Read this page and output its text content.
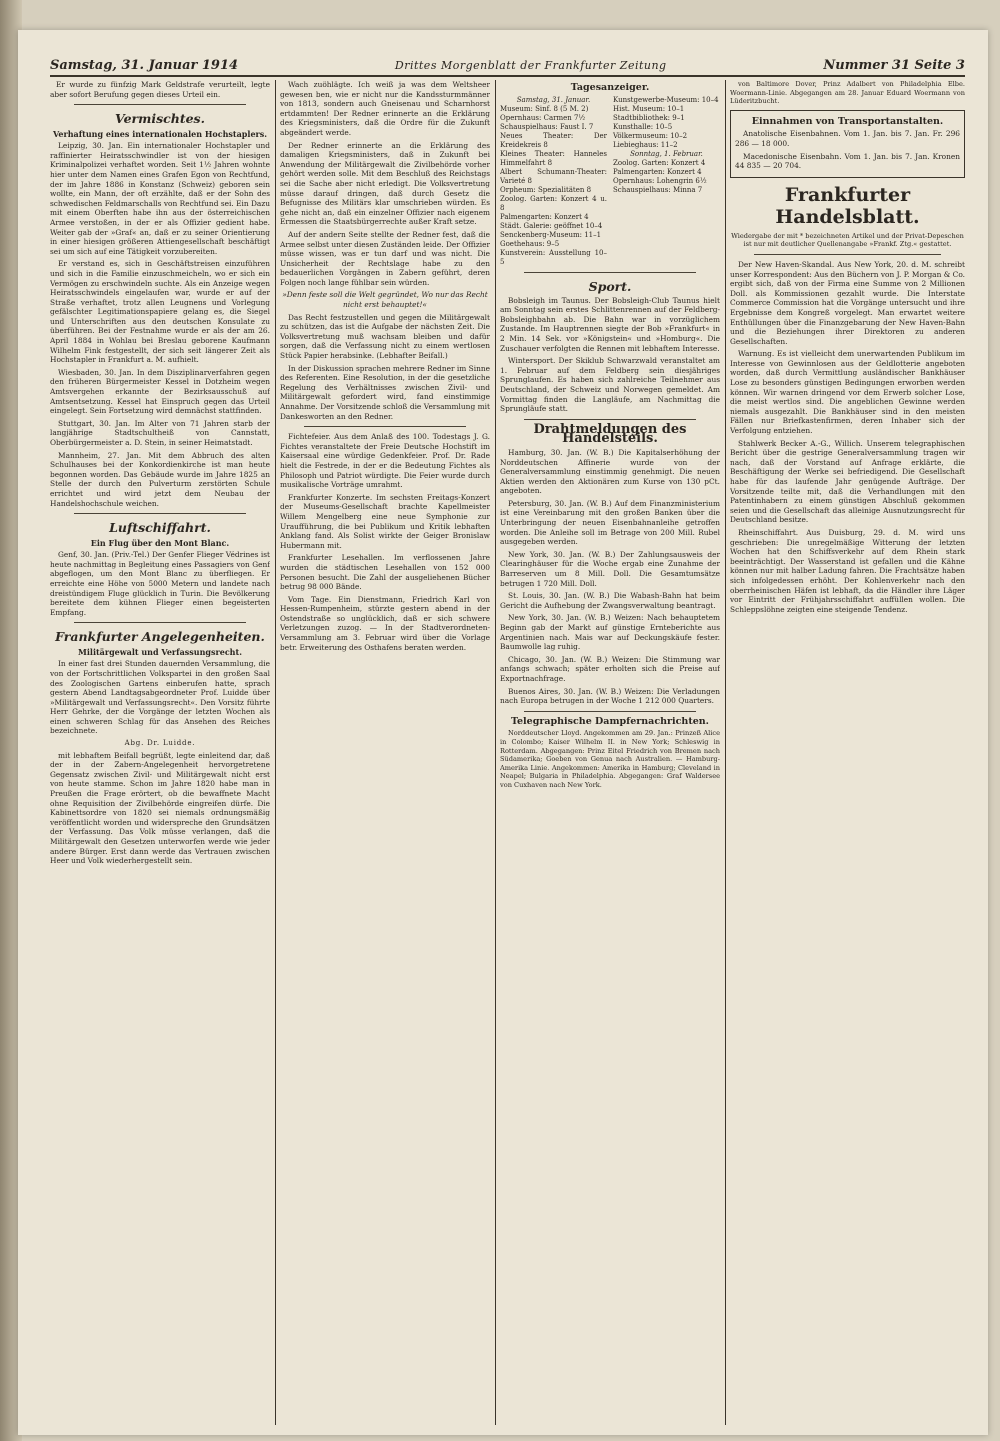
Samstag, 31. Januar 1914	Drittes Morgenblatt der Frankfurter Zeitung	Nummer 31 Seite 3

Er wurde zu fünfzig Mark Geldstrafe verurteilt, legte aber sofort Berufung gegen dieses Urteil ein.

Vermischtes.
Verhaftung eines internationalen Hochstaplers.

Leipzig, 30. Jan. Ein internationaler Hochstapler und raffinierter Heiratsschwindler ist von der hiesigen Kriminalpolizei verhaftet worden. Seit 1½ Jahren wohnte hier unter dem Namen eines Grafen Egon von Rechtfund, der im Jahre 1886 in Konstanz (Schweiz) geboren sein wollte, ein Mann, der oft erzählte, daß er der Sohn des schwedischen Feldmarschalls von Rechtfund sei. Ein Dazu mit einem Oberften habe ihn aus der österreichischen Armee verstoßen, in der er als Offizier gedient habe. Weiter gab der »Graf« an, daß er zu seiner Orientierung in einer hiesigen größeren Attiengesellschaft beschäftigt sei um sich auf eine Tätigkeit vorzubereiten.

Er verstand es, sich in Geschäftstreisen einzuführen und sich in die Familie einzuschmeicheln, wo er sich ein Vermögen zu erschwindeln suchte. Als ein Anzeige wegen Heiratsschwindels eingelaufen war, wurde er auf der Straße verhaftet, trotz allen Leugnens und Vorlegung gefälschter Legitimationspapiere gelang es, die Siegel und Unterschriften aus den deutschen Konsulate zu überführen. Bei der Festnahme wurde er als der am 26. April 1884 in Wohlau bei Breslau geborene Kaufmann Wilhelm Fink festgestellt, der sich seit längerer Zeit als Hochstapler in Frankfurt a. M. aufhielt.

Wiesbaden, 30. Jan. In dem Disziplinarverfahren gegen den früheren Bürgermeister Kessel in Dotzheim wegen Amtsvergehen erkannte der Bezirksausschuß auf Amtsentsetzung. Kessel hat Einspruch gegen das Urteil eingelegt. Sein Fortsetzung wird demnächst stattfinden.

Stuttgart, 30. Jan. Im Alter von 71 Jahren starb der langjährige Stadtschultheiß von Cannstatt, Oberbürgermeister a. D. Stein, in seiner Heimatstadt.

Mannheim, 27. Jan. Mit dem Abbruch des alten Schulhauses bei der Konkordienkirche ist man heute begonnen worden. Das Gebäude wurde im Jahre 1825 an Stelle der durch den Pulverturm zerstörten Schule errichtet und wird jetzt dem Neubau der Handelshochschule weichen.

Luftschiffahrt.
Ein Flug über den Mont Blanc.

Genf, 30. Jan. (Priv.-Tel.) Der Genfer Flieger Védrines ist heute nachmittag in Begleitung eines Passagiers von Genf abgeflogen, um den Mont Blanc zu überfliegen. Er erreichte eine Höhe von 5000 Metern und landete nach dreistündigem Fluge glücklich in Turin. Die Bevölkerung bereitete dem kühnen Flieger einen begeisterten Empfang.

Frankfurter Angelegenheiten.
Militärgewalt und Verfassungsrecht.

In einer fast drei Stunden dauernden Versammlung, die von der Fortschrittlichen Volkspartei in den großen Saal des Zoologischen Gartens einberufen hatte, sprach gestern Abend Landtagsabgeordneter Prof. Luidde über »Militärgewalt und Verfassungsrecht«. Den Vorsitz führte Herr Gehrke, der die Vorgänge der letzten Wochen als einen schweren Schlag für das Ansehen des Reiches bezeichnete.

Abg. Dr. Luidde.

mit lebhaftem Beifall begrüßt, legte einleitend dar, daß der in der Zabern-Angelegenheit hervorgetretene Gegensatz zwischen Zivil- und Militärgewalt nicht erst von heute stamme. Schon im Jahre 1820 habe man in Preußen die Frage erörtert, ob die bewaffnete Macht ohne Requisition der Zivilbehörde eingreifen dürfe. Die Kabinettsordre von 1820 sei niemals ordnungsmäßig veröffentlicht worden und widerspreche den Grundsätzen der Verfassung. Das Volk müsse verlangen, daß die Militärgewalt den Gesetzen unterworfen werde wie jeder andere Bürger. Erst dann werde das Vertrauen zwischen Heer und Volk wiederhergestellt sein.

Wach zuöhlägte. Ich weiß ja was dem Weltsheer gewesen ben, wie er nicht nur die Kandssturmmänner von 1813, sondern auch Gneisenau und Scharnhorst ertdammten! Der Redner erinnerte an die Erklärung des Kriegsministers, daß die Ordre für die Zukunft abgeändert werde.

Der Redner erinnerte an die Erklärung des damaligen Kriegsministers, daß in Zukunft bei Anwendung der Militärgewalt die Zivilbehörde vorher gehört werden solle. Mit dem Beschluß des Reichstags sei die Sache aber nicht erledigt. Die Volksvertretung müsse darauf dringen, daß durch Gesetz die Befugnisse des Militärs klar umschrieben würden. Es gehe nicht an, daß ein einzelner Offizier nach eigenem Ermessen die Staatsbürgerrechte außer Kraft setze.

Auf der andern Seite stellte der Redner fest, daß die Armee selbst unter diesen Zuständen leide. Der Offizier müsse wissen, was er tun darf und was nicht. Die Unsicherheit der Rechtslage habe zu den bedauerlichen Vorgängen in Zabern geführt, deren Folgen noch lange fühlbar sein würden.

»Denn feste soll die Welt gegründet, Wo nur das Recht nicht erst behauptet!«

Das Recht festzustellen und gegen die Militärgewalt zu schützen, das ist die Aufgabe der nächsten Zeit. Die Volksvertretung muß wachsam bleiben und dafür sorgen, daß die Verfassung nicht zu einem wertlosen Stück Papier herabsinke. (Lebhafter Beifall.)

In der Diskussion sprachen mehrere Redner im Sinne des Referenten. Eine Resolution, in der die gesetzliche Regelung des Verhältnisses zwischen Zivil- und Militärgewalt gefordert wird, fand einstimmige Annahme. Der Vorsitzende schloß die Versammlung mit Dankesworten an den Redner.

Fichtefeier. Aus dem Anlaß des 100. Todestags J. G. Fichtes veranstaltete der Freie Deutsche Hochstift im Kaisersaal eine würdige Gedenkfeier. Prof. Dr. Rade hielt die Festrede, in der er die Bedeutung Fichtes als Philosoph und Patriot würdigte. Die Feier wurde durch musikalische Vorträge umrahmt.

Frankfurter Konzerte. Im sechsten Freitags-Konzert der Museums-Gesellschaft brachte Kapellmeister Willem Mengelberg eine neue Symphonie zur Uraufführung, die bei Publikum und Kritik lebhaften Anklang fand. Als Solist wirkte der Geiger Bronislaw Hubermann mit.

Frankfurter Lesehallen. Im verflossenen Jahre wurden die städtischen Lesehallen von 152 000 Personen besucht. Die Zahl der ausgeliehenen Bücher betrug 98 000 Bände.

Vom Tage. Ein Dienstmann, Friedrich Karl von Hessen-Rumpenheim, stürzte gestern abend in der Ostendstraße so unglücklich, daß er sich schwere Verletzungen zuzog. — In der Stadtverordneten-Versammlung am 3. Februar wird über die Vorlage betr. Erweiterung des Osthafens beraten werden.

Tagesanzeiger.
Samstag, 31. Januar.
Museum: Sinf. 8 (5 M. 2)
Opernhaus: Carmen 7½
Schauspielhaus: Faust I. 7
Neues Theater: Der Kreidekreis 8
Kleines Theater: Hanneles Himmelfahrt 8
Albert Schumann-Theater: Varieté 8
Orpheum: Spezialitäten 8
Zoolog. Garten: Konzert 4 u. 8
Palmengarten: Konzert 4
Städt. Galerie: geöffnet 10–4
Senckenberg-Museum: 11–1
Goethehaus: 9–5
Kunstverein: Ausstellung 10–5
Kunstgewerbe-Museum: 10–4
Hist. Museum: 10–1
Stadtbibliothek: 9–1
Kunsthalle: 10–5
Völkermuseum: 10–2
Liebieghaus: 11–2
Sonntag, 1. Februar.
Zoolog. Garten: Konzert 4
Palmengarten: Konzert 4
Opernhaus: Lohengrin 6½
Schauspielhaus: Minna 7
Sport.

Bobsleigh im Taunus. Der Bobsleigh-Club Taunus hielt am Sonntag sein erstes Schlittenrennen auf der Feldberg-Bobsleighbahn ab. Die Bahn war in vorzüglichem Zustande. Im Hauptrennen siegte der Bob »Frankfurt« in 2 Min. 14 Sek. vor »Königstein« und »Homburg«. Die Zuschauer verfolgten die Rennen mit lebhaftem Interesse.

Wintersport. Der Skiklub Schwarzwald veranstaltet am 1. Februar auf dem Feldberg sein diesjähriges Sprunglaufen. Es haben sich zahlreiche Teilnehmer aus Deutschland, der Schweiz und Norwegen gemeldet. Am Vormittag finden die Langläufe, am Nachmittag die Sprungläufe statt.

Drahtmeldungen des Handelsteils.

Hamburg, 30. Jan. (W. B.) Die Kapitalserhöhung der Norddeutschen Affinerie wurde von der Generalversammlung einstimmig genehmigt. Die neuen Aktien werden den Aktionären zum Kurse von 130 pCt. angeboten.

Petersburg, 30. Jan. (W. B.) Auf dem Finanzministerium ist eine Vereinbarung mit den großen Banken über die Unterbringung der neuen Eisenbahnanleihe getroffen worden. Die Anleihe soll im Betrage von 200 Mill. Rubel ausgegeben werden.

New York, 30. Jan. (W. B.) Der Zahlungsausweis der Clearinghäuser für die Woche ergab eine Zunahme der Barreserven um 8 Mill. Doll. Die Gesamtumsätze betrugen 1 720 Mill. Doll.

St. Louis, 30. Jan. (W. B.) Die Wabash-Bahn hat beim Gericht die Aufhebung der Zwangsverwaltung beantragt.

New York, 30. Jan. (W. B.) Weizen: Nach behauptetem Beginn gab der Markt auf günstige Ernteberichte aus Argentinien nach. Mais war auf Deckungskäufe fester. Baumwolle lag ruhig.

Chicago, 30. Jan. (W. B.) Weizen: Die Stimmung war anfangs schwach; später erholten sich die Preise auf Exportnachfrage.

Buenos Aires, 30. Jan. (W. B.) Weizen: Die Verladungen nach Europa betrugen in der Woche 1 212 000 Quarters.

Telegraphische Dampfernachrichten.

Norddeutscher Lloyd. Angekommen am 29. Jan.: Prinzeß Alice in Colombo; Kaiser Wilhelm II. in New York; Schleswig in Rotterdam. Abgegangen: Prinz Eitel Friedrich von Bremen nach Südamerika; Goeben von Genua nach Australien. — Hamburg-Amerika Linie. Angekommen: Amerika in Hamburg; Cleveland in Neapel; Bulgaria in Philadelphia. Abgegangen: Graf Waldersee von Cuxhaven nach New York.

von Baltimore Dover, Prinz Adalbert von Philadelphia Elbe. Woermann-Linie. Abgegangen am 28. Januar Eduard Woermann von Lüderitzbucht.

Einnahmen von Transportanstalten.

Anatolische Eisenbahnen. Vom 1. Jan. bis 7. Jan. Fr. 296 286 — 18 000.

Macedonische Eisenbahn. Vom 1. Jan. bis 7. Jan. Kronen 44 835 — 20 704.

Frankfurter Handelsblatt.

Wiedergabe der mit * bezeichneten Artikel und der Privat-Depeschen ist nur mit deutlicher Quellenangabe »Frankf. Ztg.« gestattet.

Der New Haven-Skandal. Aus New York, 20. d. M. schreibt unser Korrespondent: Aus den Büchern von J. P. Morgan & Co. ergibt sich, daß von der Firma eine Summe von 2 Millionen Doll. als Kommissionen gezahlt wurde. Die Interstate Commerce Commission hat die Vorgänge untersucht und ihre Ergebnisse dem Kongreß vorgelegt. Man erwartet weitere Enthüllungen über die Finanzgebarung der New Haven-Bahn und die Beziehungen ihrer Direktoren zu anderen Gesellschaften.

Warnung. Es ist vielleicht dem unerwartenden Publikum im Interesse von Gewinnlosen aus der Geldlotterie angeboten worden, daß durch Vermittlung ausländischer Bankhäuser Lose zu besonders günstigen Bedingungen erworben werden können. Wir warnen dringend vor dem Erwerb solcher Lose, die meist wertlos sind. Die angeblichen Gewinne werden niemals ausgezahlt. Die Bankhäuser sind in den meisten Fällen nur Briefkastenfirmen, deren Inhaber sich der Verfolgung entziehen.

Stahlwerk Becker A.-G., Willich. Unserem telegraphischen Bericht über die gestrige Generalversammlung tragen wir nach, daß der Vorstand auf Anfrage erklärte, die Beschäftigung der Werke sei befriedigend. Die Gesellschaft habe für das laufende Jahr genügende Aufträge. Der Vorsitzende teilte mit, daß die Verhandlungen mit den Patentinhabern zu einem günstigen Abschluß gekommen seien und die Gesellschaft das alleinige Ausnutzungsrecht für Deutschland besitze.

Rheinschiffahrt. Aus Duisburg, 29. d. M. wird uns geschrieben: Die unregelmäßige Witterung der letzten Wochen hat den Schiffsverkehr auf dem Rhein stark beeinträchtigt. Der Wasserstand ist gefallen und die Kähne können nur mit halber Ladung fahren. Die Frachtsätze haben sich infolgedessen erhöht. Der Kohlenverkehr nach den oberrheinischen Häfen ist lebhaft, da die Händler ihre Läger vor Eintritt der Frühjahrsschiffahrt auffüllen wollen. Die Schleppslöhne zeigten eine steigende Tendenz.
